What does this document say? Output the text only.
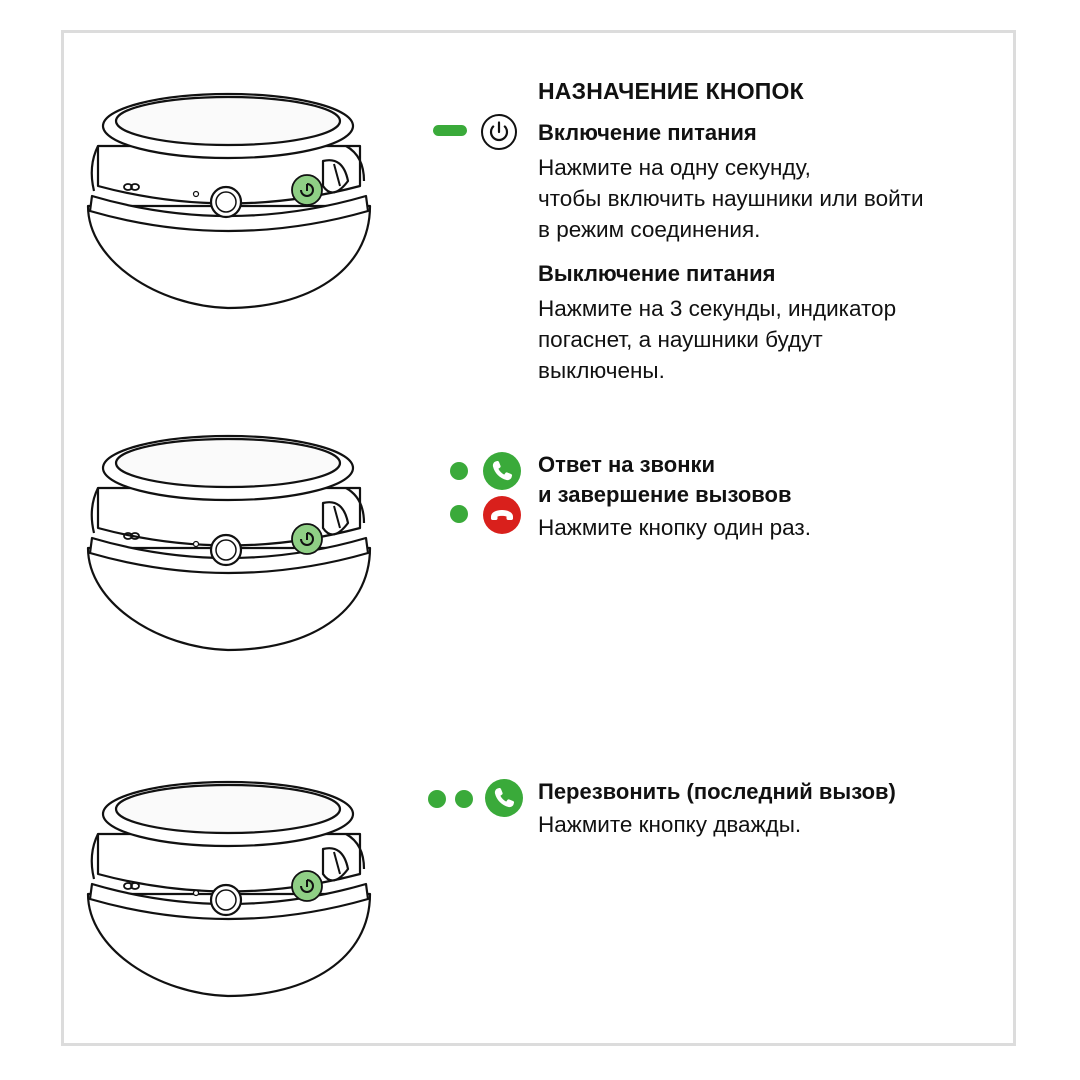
НАЗНАЧЕНИЕ КНОПОК
Включение питания
Нажмите на одну секунду,
чтобы включить наушники или войти
в режим соединения.
Выключение питания
Нажмите на 3 секунды, индикатор
погаснет, а наушники будут
выключены.
Ответ на звонки
и завершение вызовов
Нажмите кнопку один раз.
Перезвонить (последний вызов)
Нажмите кнопку дважды.
